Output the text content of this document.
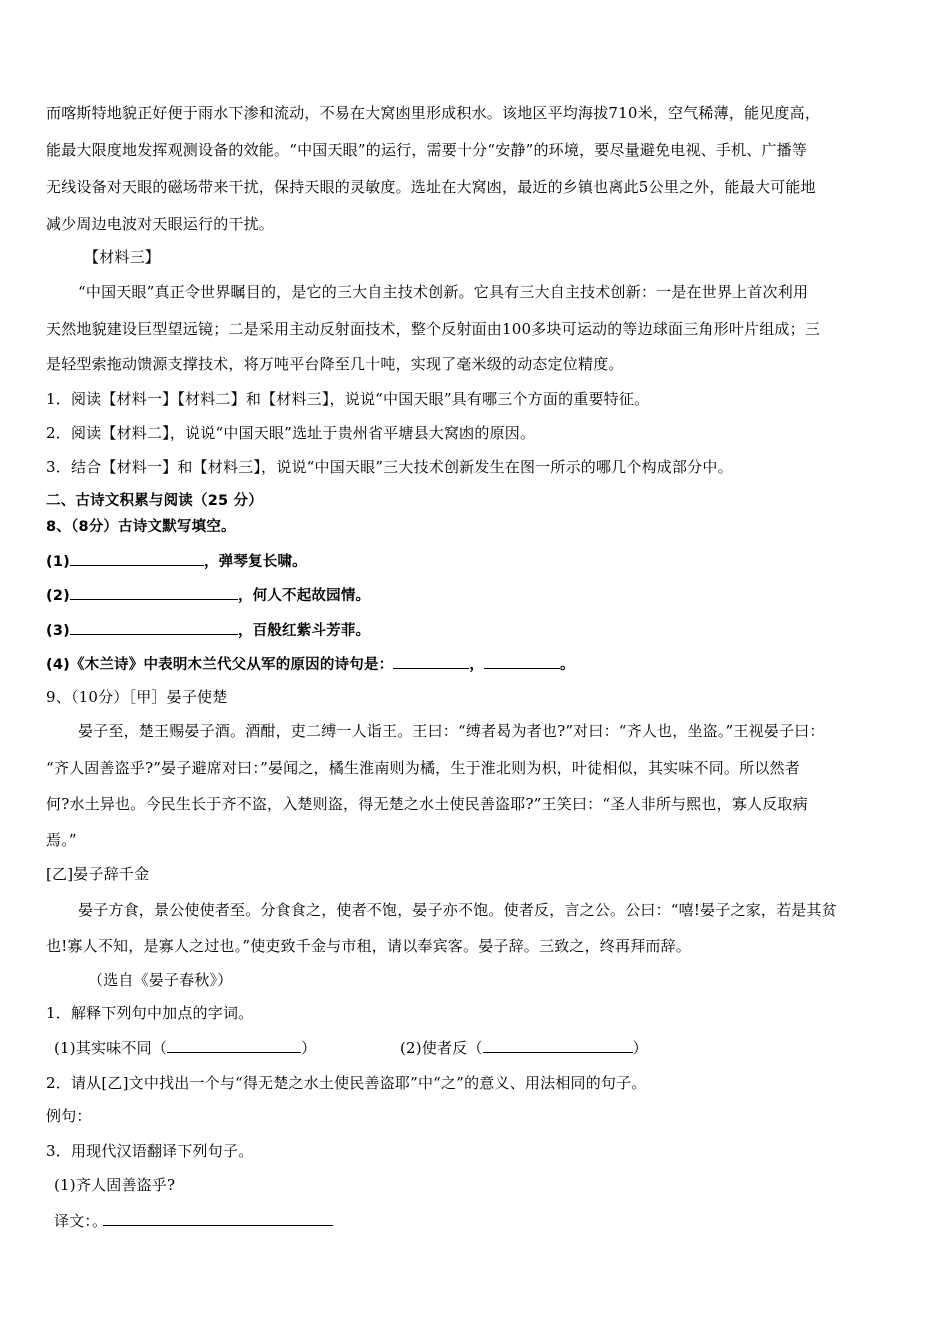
而喀斯特地貌正好便于雨水下渗和流动，不易在大窝凼里形成积水。该地区平均海拔710米，空气稀薄，能见度高，
能最大限度地发挥观测设备的效能。“中国天眼”的运行，需要十分“安静”的环境，要尽量避免电视、手机、广播等
无线设备对天眼的磁场带来干扰，保持天眼的灵敏度。选址在大窝凼，最近的乡镇也离此5公里之外，能最大可能地
减少周边电波对天眼运行的干扰。
【材料三】
“中国天眼”真正令世界瞩目的，是它的三大自主技术创新。它具有三大自主技术创新：一是在世界上首次利用
天然地貌建设巨型望远镜；二是采用主动反射面技术，整个反射面由100多块可运动的等边球面三角形叶片组成；三
是轻型索拖动馈源支撑技术，将万吨平台降至几十吨，实现了毫米级的动态定位精度。
1．阅读【材料一】【材料二】和【材料三】，说说“中国天眼”具有哪三个方面的重要特征。
2．阅读【材料二】，说说“中国天眼”选址于贵州省平塘县大窝凼的原因。
3．结合【材料一】和【材料三】，说说“中国天眼”三大技术创新发生在图一所示的哪几个构成部分中。
二、古诗文积累与阅读（25 分）
8、（8分）古诗文默写填空。
(1)	，弹琴复长啸。
(2)	，何人不起故园情。
(3)	，百般红紫斗芳菲。
(4)《木兰诗》中表明木兰代父从军的原因的诗句是：	，	。
9、（10分）［甲］晏子使楚
晏子至，楚王赐晏子酒。酒酣，吏二缚一人诣王。王曰：“缚者曷为者也?”对曰：“齐人也，坐盗。”王视晏子曰：
“齐人固善盗乎?”晏子避席对曰：”晏闻之，橘生淮南则为橘，生于淮北则为枳，叶徒相似，其实味不同。所以然者
何?水土异也。今民生长于齐不盗，入楚则盗，得无楚之水土使民善盗耶?”王笑曰：“圣人非所与熙也，寡人反取病
焉。”
[乙]晏子辞千金
晏子方食，景公使使者至。分食食之，使者不饱，晏子亦不饱。使者反，言之公。公曰：“嘻!晏子之家，若是其贫
也!寡人不知，是寡人之过也。”使吏致千金与市租，请以奉宾客。晏子辞。三致之，终再拜而辞。
（选自《晏子春秋》）
1．解释下列句中加点的字词。
(1)其实味不同（	）	(2)使者反（	）
2．请从[乙]文中找出一个与“得无楚之水土使民善盗耶”中“之”的意义、用法相同的句子。
例句：
3．用现代汉语翻译下列句子。
(1)齐人固善盗乎?
译文：。
